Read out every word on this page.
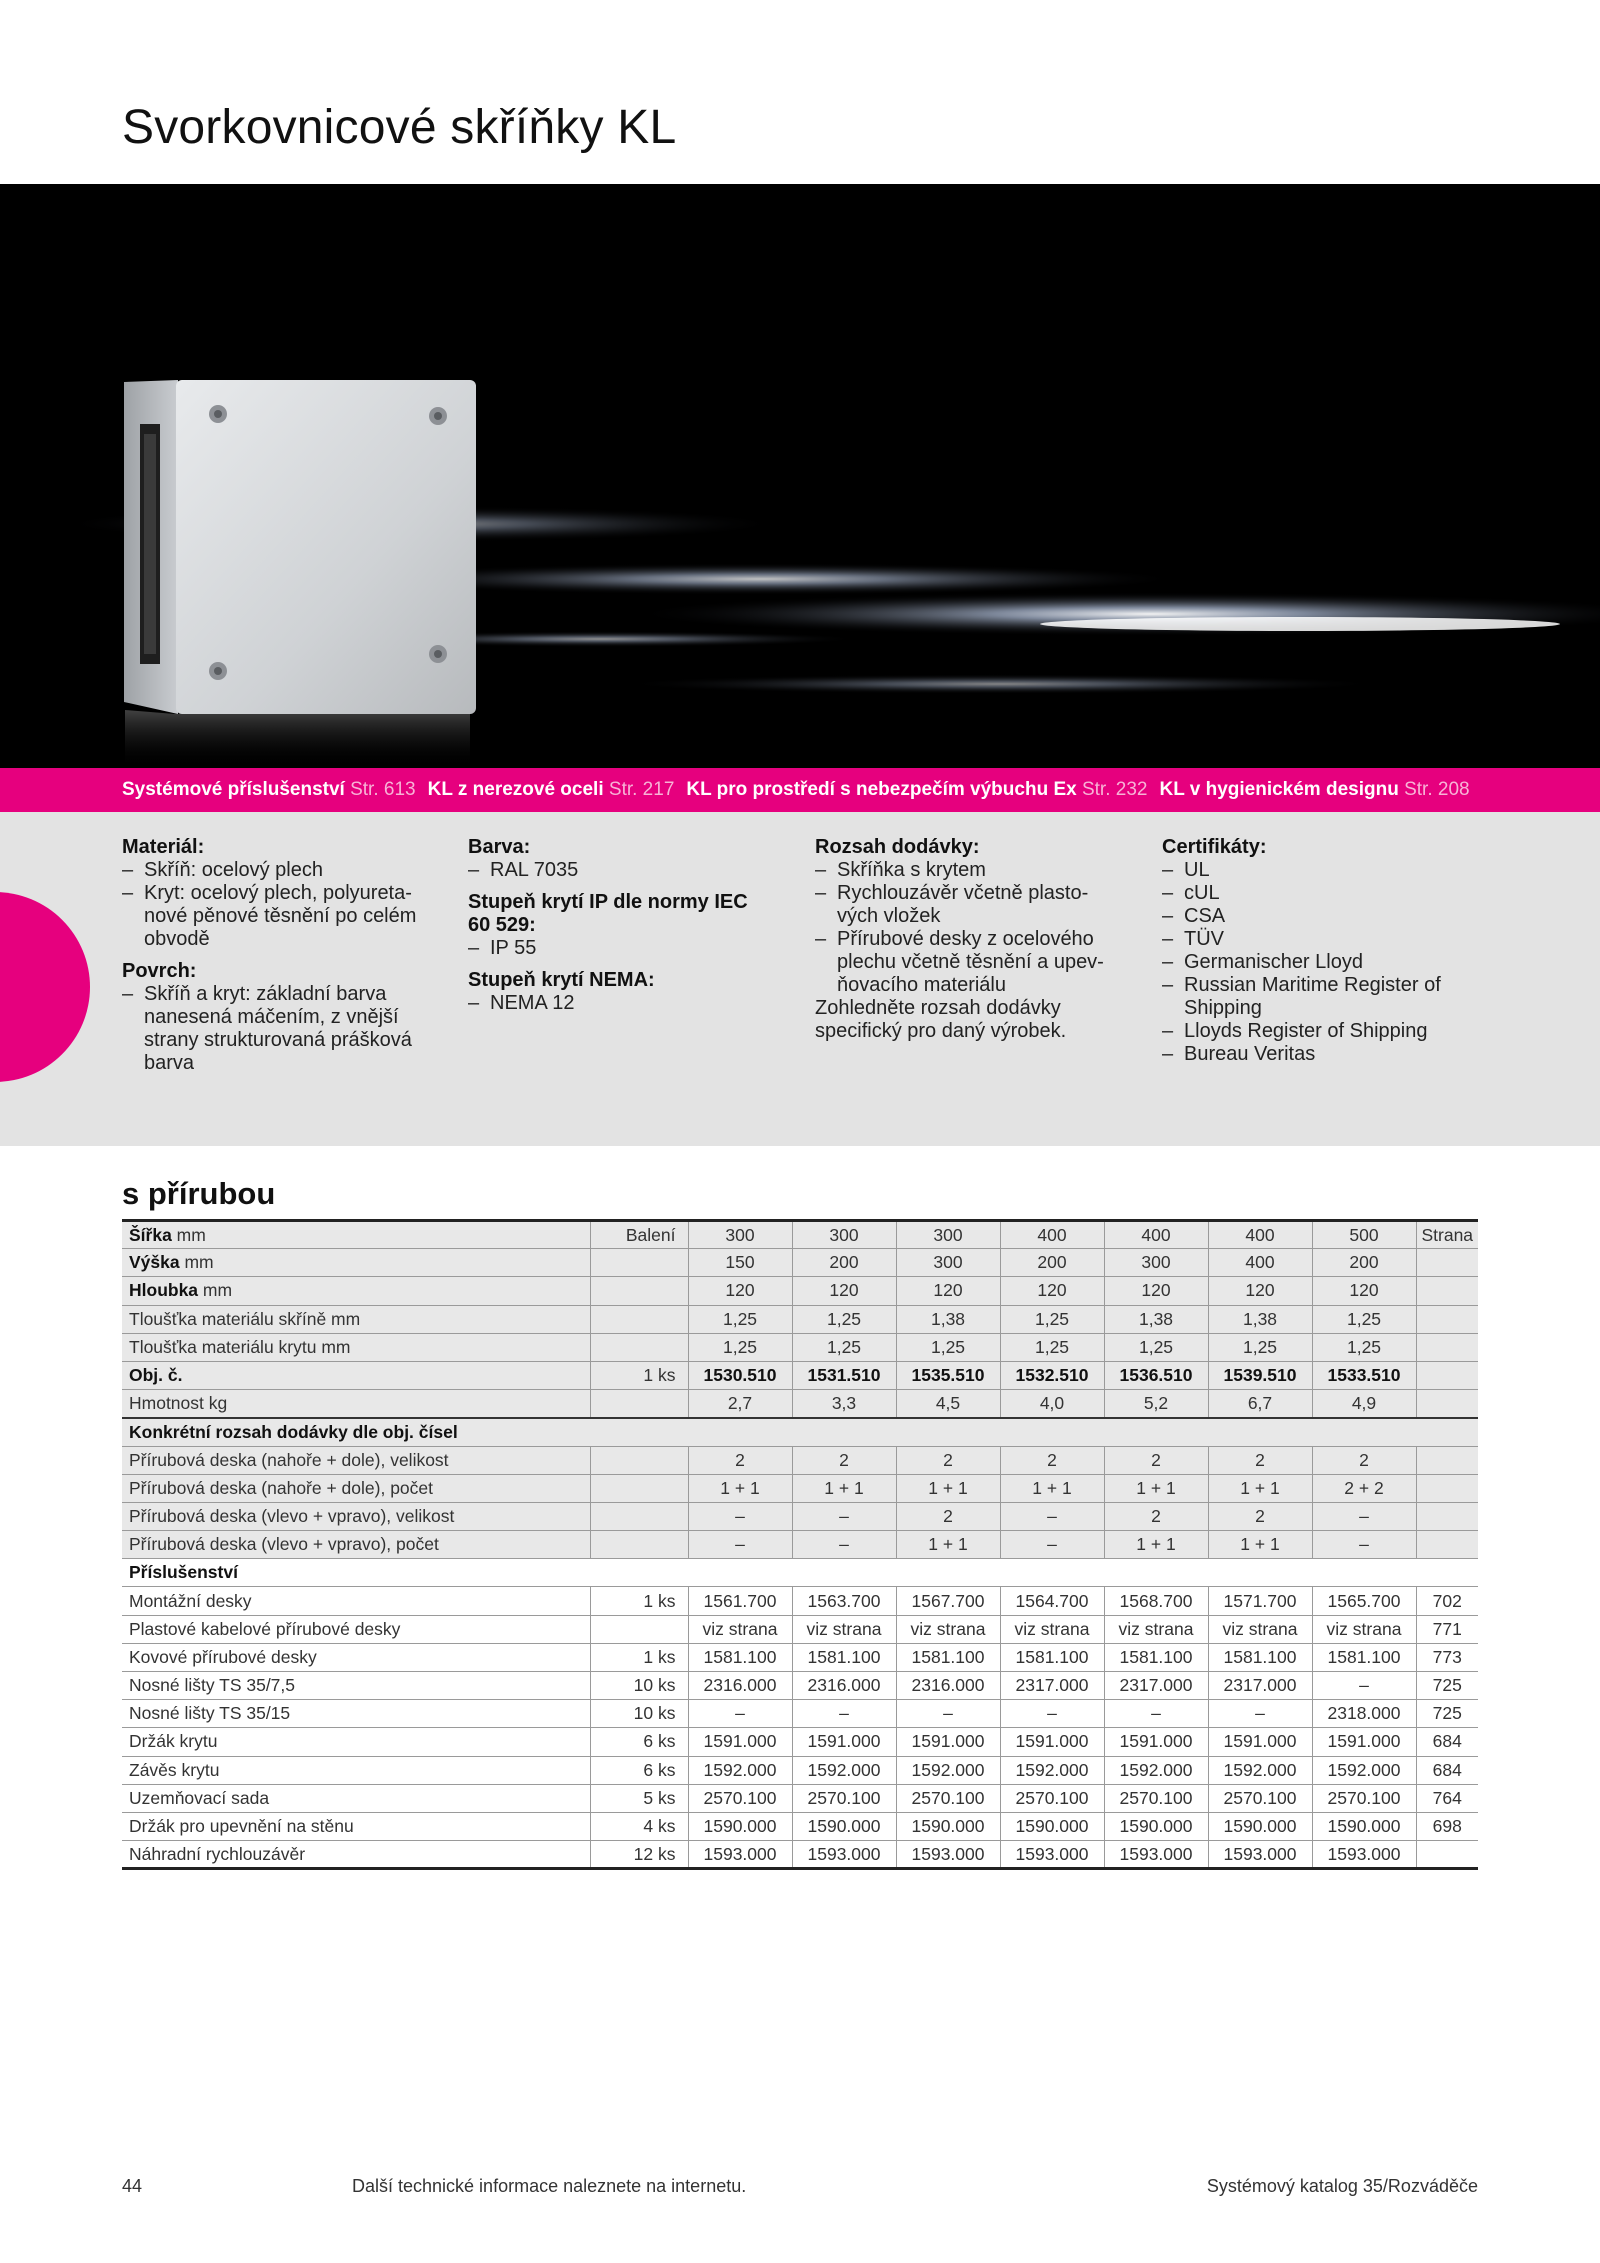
Svorkovnicové skříňky KL
Systémové příslušenství Str. 613 KL z nerezové oceli Str. 217 KL pro prostředí s nebezpečím výbuchu Ex Str. 232 KL v hygienickém designu Str. 208
Materiál:
– Skříň: ocelový plech
– Kryt: ocelový plech, polyureta-nové pěnové těsnění po celém obvodě
Povrch:
– Skříň a kryt: základní barva nanesená máčením, z vnější strany strukturovaná prášková barva
Barva:
– RAL 7035
Stupeň krytí IP dle normy IEC 60 529:
– IP 55
Stupeň krytí NEMA:
– NEMA 12
Rozsah dodávky:
– Skříňka s krytem
– Rychlouzávěr včetně plasto-vých vložek
– Přírubové desky z ocelového plechu včetně těsnění a upev-ňovacího materiálu
Zohledněte rozsah dodávky specifický pro daný výrobek.
Certifikáty:
– UL
– cUL
– CSA
– TÜV
– Germanischer Lloyd
– Russian Maritime Register of Shipping
– Lloyds Register of Shipping
– Bureau Veritas
s přírubou
Šířka mm	Balení	300	300	300	400	400	400	500	Strana
Výška mm		150	200	300	200	300	400	200	
Hloubka mm		120	120	120	120	120	120	120	
Tloušťka materiálu skříně mm		1,25	1,25	1,38	1,25	1,38	1,38	1,25	
Tloušťka materiálu krytu mm		1,25	1,25	1,25	1,25	1,25	1,25	1,25	
Obj. č.	1 ks	1530.510	1531.510	1535.510	1532.510	1536.510	1539.510	1533.510	
Hmotnost kg		2,7	3,3	4,5	4,0	5,2	6,7	4,9	
Konkrétní rozsah dodávky dle obj. čísel									
Přírubová deska (nahoře + dole), velikost		2	2	2	2	2	2	2	
Přírubová deska (nahoře + dole), počet		1 + 1	1 + 1	1 + 1	1 + 1	1 + 1	1 + 1	2 + 2	
Přírubová deska (vlevo + vpravo), velikost		–	–	2	–	2	2	–	
Přírubová deska (vlevo + vpravo), počet		–	–	1 + 1	–	1 + 1	1 + 1	–	
Příslušenství									
Montážní desky	1 ks	1561.700	1563.700	1567.700	1564.700	1568.700	1571.700	1565.700	702
Plastové kabelové přírubové desky		viz strana	viz strana	viz strana	viz strana	viz strana	viz strana	viz strana	771
Kovové přírubové desky	1 ks	1581.100	1581.100	1581.100	1581.100	1581.100	1581.100	1581.100	773
Nosné lišty TS 35/7,5	10 ks	2316.000	2316.000	2316.000	2317.000	2317.000	2317.000	–	725
Nosné lišty TS 35/15	10 ks	–	–	–	–	–	–	2318.000	725
Držák krytu	6 ks	1591.000	1591.000	1591.000	1591.000	1591.000	1591.000	1591.000	684
Závěs krytu	6 ks	1592.000	1592.000	1592.000	1592.000	1592.000	1592.000	1592.000	684
Uzemňovací sada	5 ks	2570.100	2570.100	2570.100	2570.100	2570.100	2570.100	2570.100	764
Držák pro upevnění na stěnu	4 ks	1590.000	1590.000	1590.000	1590.000	1590.000	1590.000	1590.000	698
Náhradní rychlouzávěr	12 ks	1593.000	1593.000	1593.000	1593.000	1593.000	1593.000	1593.000	
44	Další technické informace naleznete na internetu.	Systémový katalog 35/Rozváděče
